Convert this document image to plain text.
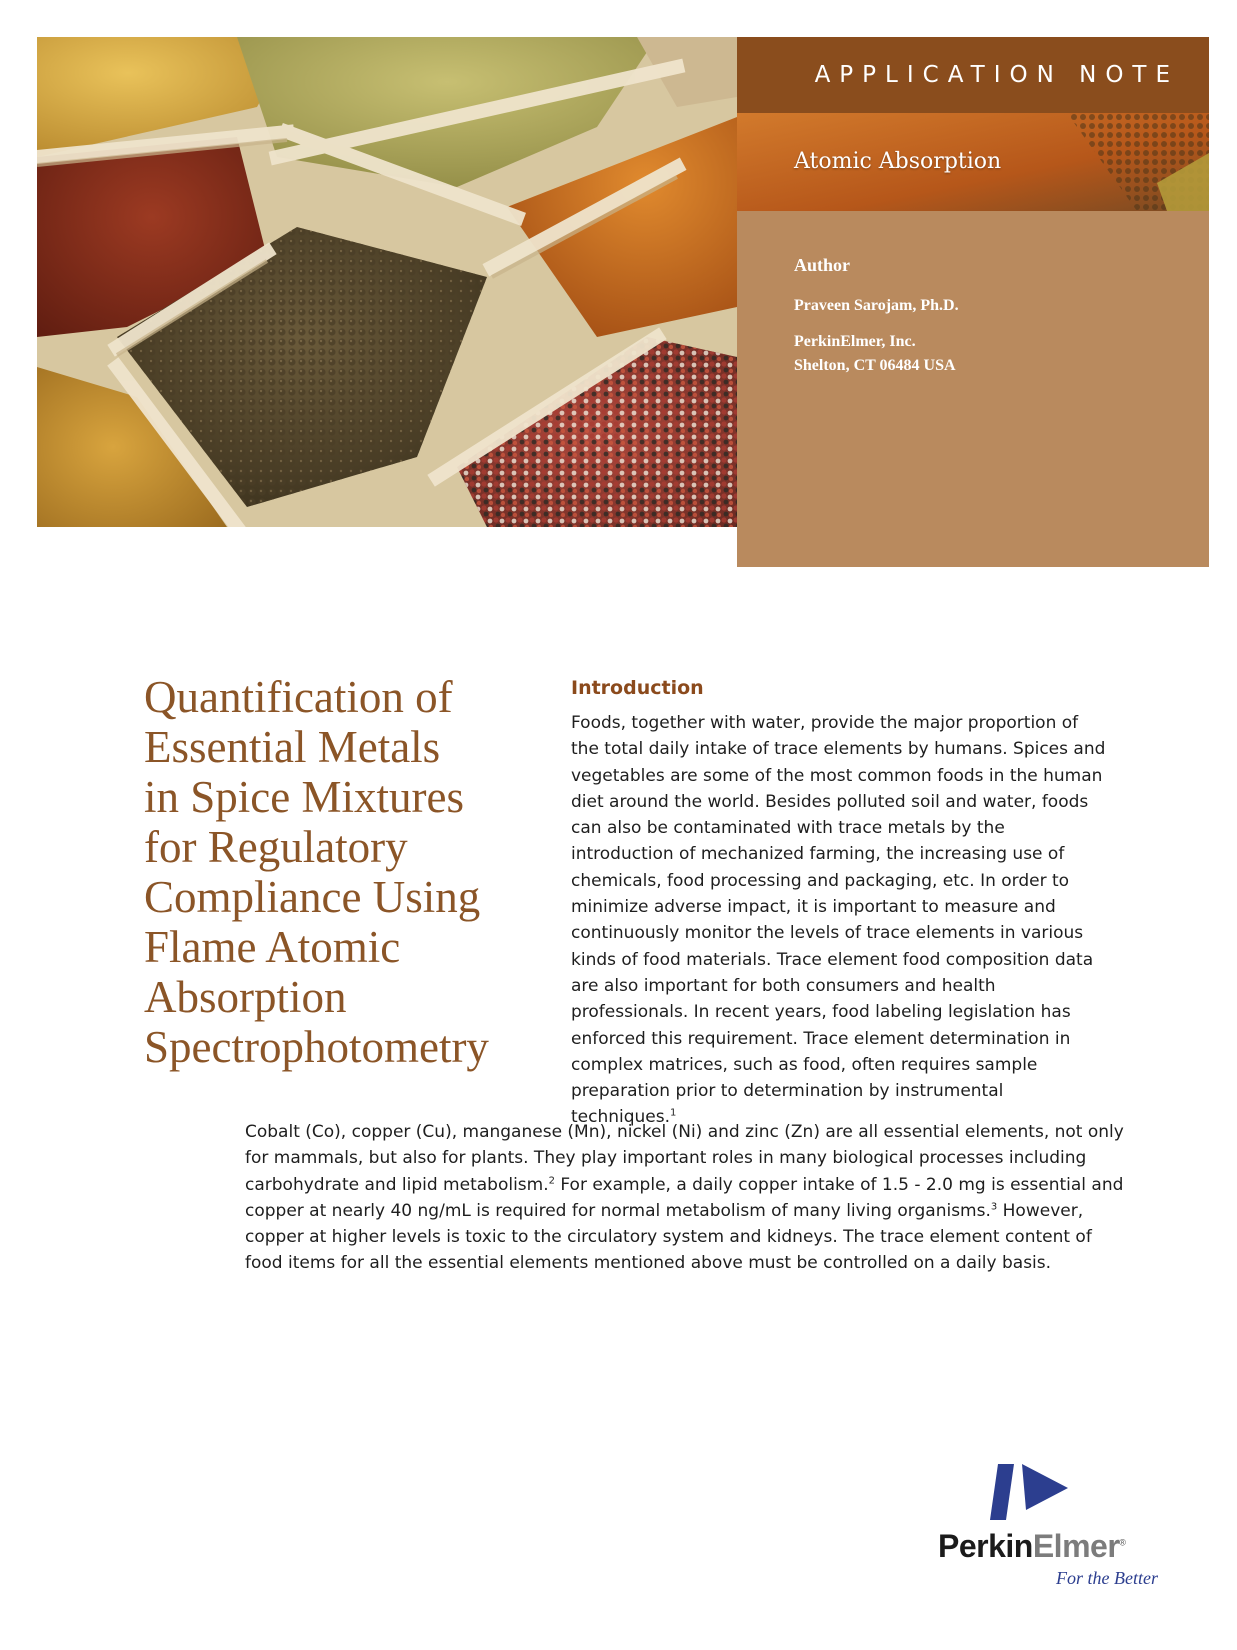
APPLICATION NOTE
Atomic Absorption
Author
Praveen Sarojam, Ph.D.
PerkinElmer, Inc.
Shelton, CT 06484 USA
Quantification of
Essential Metals
in Spice Mixtures
for Regulatory
Compliance Using
Flame Atomic
Absorption
Spectrophotometry
Introduction

Foods, together with water, provide the major proportion of the total daily intake of trace elements by humans. Spices and vegetables are some of the most common foods in the human diet around the world. Besides polluted soil and water, foods can also be contaminated with trace metals by the introduction of mechanized farming, the increasing use of chemicals, food processing and packaging, etc. In order to minimize adverse impact, it is important to measure and continuously monitor the levels of trace elements in various kinds of food materials. Trace element food composition data are also important for both consumers and health professionals. In recent years, food labeling legislation has enforced this requirement. Trace element determination in complex matrices, such as food, often requires sample preparation prior to determination by instrumental techniques.$^1$

Cobalt (Co), copper (Cu), manganese (Mn), nickel (Ni) and zinc (Zn) are all essential elements, not only for mammals, but also for plants. They play important roles in many biological processes including carbohydrate and lipid metabolism.$^2$ For example, a daily copper intake of 1.5 - 2.0 mg is essential and copper at nearly 40 ng/mL is required for normal metabolism of many living organisms.$^3$ However, copper at higher levels is toxic to the circulatory system and kidneys. The trace element content of food items for all the essential elements mentioned above must be controlled on a daily basis.

PerkinElmer®
For the Better
